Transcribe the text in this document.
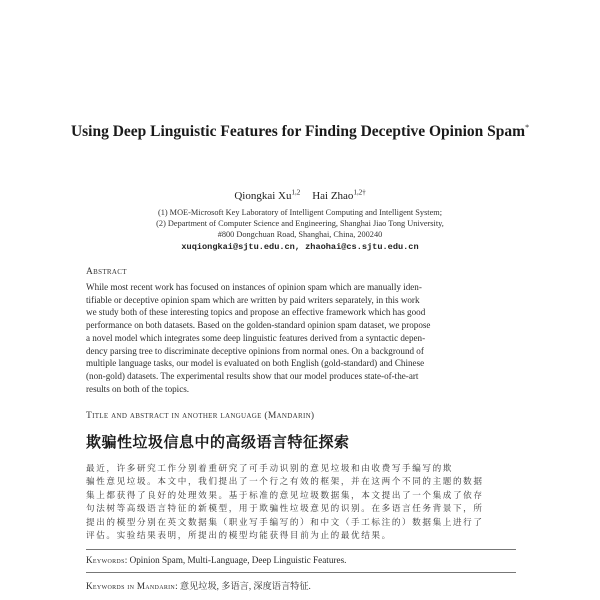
Using Deep Linguistic Features for Finding Deceptive Opinion Spam*
Qiongkai Xu$^{1,2}$ Hai Zhao$^{1,2\dagger}$
(1) MOE-Microsoft Key Laboratory of Intelligent Computing and Intelligent System;
(2) Department of Computer Science and Engineering, Shanghai Jiao Tong University,
#800 Dongchuan Road, Shanghai, China, 200240
xuqiongkai@sjtu.edu.cn, zhaohai@cs.sjtu.edu.cn
Abstract
While most recent work has focused on instances of opinion spam which are manually iden-
tifiable or deceptive opinion spam which are written by paid writers separately, in this work
we study both of these interesting topics and propose an effective framework which has good
performance on both datasets. Based on the golden-standard opinion spam dataset, we propose
a novel model which integrates some deep linguistic features derived from a syntactic depen-
dency parsing tree to discriminate deceptive opinions from normal ones. On a background of
multiple language tasks, our model is evaluated on both English (gold-standard) and Chinese
(non-gold) datasets. The experimental results show that our model produces state-of-the-art
results on both of the topics.
Title and abstract in another language (Mandarin)
欺骗性垃圾信息中的高级语言特征探索
最近，许多研究工作分别着重研究了可手动识别的意见垃圾和由收费写手编写的欺
骗性意见垃圾。本文中，我们提出了一个行之有效的框架，并在这两个不同的主题的数据
集上都获得了良好的处理效果。基于标准的意见垃圾数据集，本文提出了一个集成了依存
句法树等高级语言特征的新模型，用于欺骗性垃圾意见的识别。在多语言任务背景下，所
提出的模型分别在英文数据集（职业写手编写的）和中文（手工标注的）数据集上进行了
评估。实验结果表明，所提出的模型均能获得目前为止的最优结果。
Keywords: Opinion Spam, Multi-Language, Deep Linguistic Features.
Keywords in Mandarin: 意见垃圾, 多语言, 深度语言特征.
